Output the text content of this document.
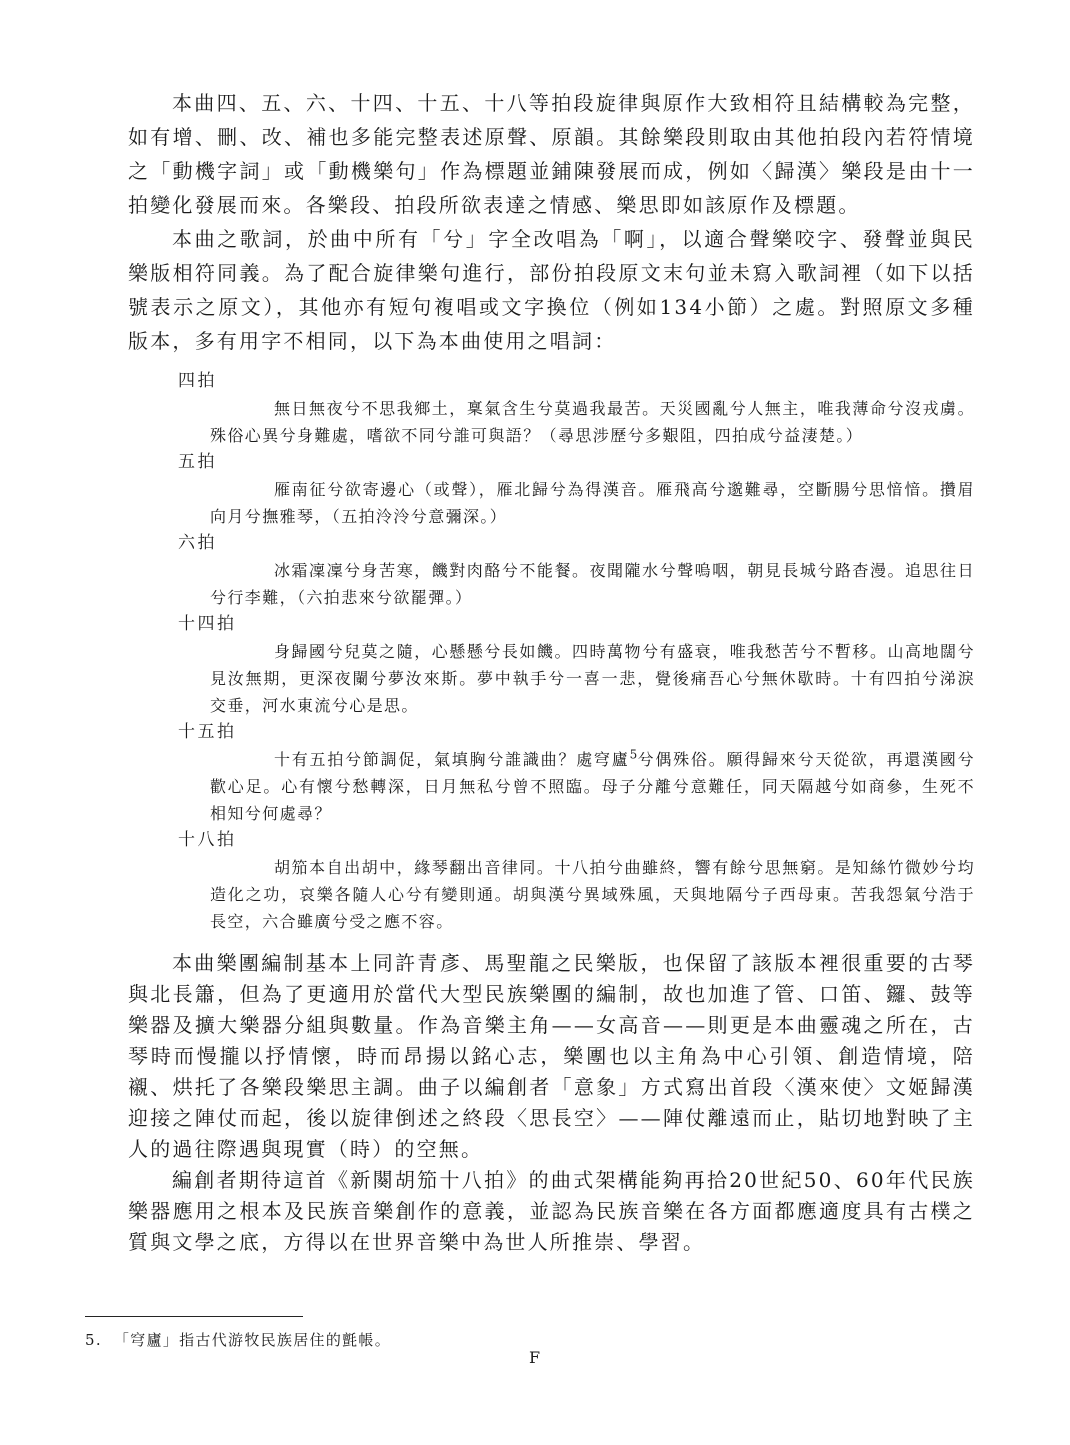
本曲四、五、六、十四、十五、十八等拍段旋律與原作大致相符且結構較為完整，如有增、刪、改、補也多能完整表述原聲、原韻。其餘樂段則取由其他拍段內若符情境之「動機字詞」或「動機樂句」作為標題並鋪陳發展而成，例如〈歸漢〉樂段是由十一拍變化發展而來。各樂段、拍段所欲表達之情感、樂思即如該原作及標題。

本曲之歌詞，於曲中所有「兮」字全改唱為「啊」，以適合聲樂咬字、發聲並與民樂版相符同義。為了配合旋律樂句進行，部份拍段原文末句並未寫入歌詞裡（如下以括號表示之原文），其他亦有短句複唱或文字換位（例如134小節）之處。對照原文多種版本，多有用字不相同，以下為本曲使用之唱詞：

四拍

無日無夜兮不思我鄉土，稟氣含生兮莫過我最苦。天災國亂兮人無主，唯我薄命兮沒戎虜。殊俗心異兮身難處，嗜欲不同兮誰可與語？（尋思涉歷兮多艱阻，四拍成兮益淒楚。）

五拍

雁南征兮欲寄邊心（或聲），雁北歸兮為得漢音。雁飛高兮邈難尋，空斷腸兮思愔愔。攢眉向月兮撫雅琴，（五拍泠泠兮意彌深。）

六拍

冰霜凜凜兮身苦寒，饑對肉酪兮不能餐。夜聞隴水兮聲嗚咽，朝見長城兮路杳漫。追思往日兮行李難，（六拍悲來兮欲罷彈。）

十四拍

身歸國兮兒莫之隨，心懸懸兮長如饑。四時萬物兮有盛衰，唯我愁苦兮不暫移。山高地闊兮見汝無期，更深夜闌兮夢汝來斯。夢中執手兮一喜一悲，覺後痛吾心兮無休歇時。十有四拍兮涕淚交垂，河水東流兮心是思。

十五拍

十有五拍兮節調促，氣填胸兮誰識曲？處穹廬$^5$兮偶殊俗。願得歸來兮天從欲，再還漢國兮歡心足。心有懷兮愁轉深，日月無私兮曾不照臨。母子分離兮意難任，同天隔越兮如商參，生死不相知兮何處尋？

十八拍

胡笳本自出胡中，緣琴翻出音律同。十八拍兮曲雖終，響有餘兮思無窮。是知絲竹微妙兮均造化之功，哀樂各隨人心兮有變則通。胡與漢兮異域殊風，天與地隔兮子西母東。苦我怨氣兮浩于長空，六合雖廣兮受之應不容。

本曲樂團編制基本上同許青彥、馬聖龍之民樂版，也保留了該版本裡很重要的古琴與北長簫，但為了更適用於當代大型民族樂團的編制，故也加進了管、口笛、鑼、鼓等樂器及擴大樂器分組與數量。作為音樂主角——女高音——則更是本曲靈魂之所在，古琴時而慢攏以抒情懷，時而昂揚以銘心志，樂團也以主角為中心引領、創造情境，陪襯、烘托了各樂段樂思主調。曲子以編創者「意象」方式寫出首段〈漢來使〉文姬歸漢迎接之陣仗而起，後以旋律倒述之終段〈思長空〉——陣仗離遠而止，貼切地對映了主人的過往際遇與現實（時）的空無。

編創者期待這首《新闋胡笳十八拍》的曲式架構能夠再拾20世紀50、60年代民族樂器應用之根本及民族音樂創作的意義，並認為民族音樂在各方面都應適度具有古樸之質與文學之底，方得以在世界音樂中為世人所推崇、學習。

5. 「穹廬」指古代游牧民族居住的氈帳。
F
